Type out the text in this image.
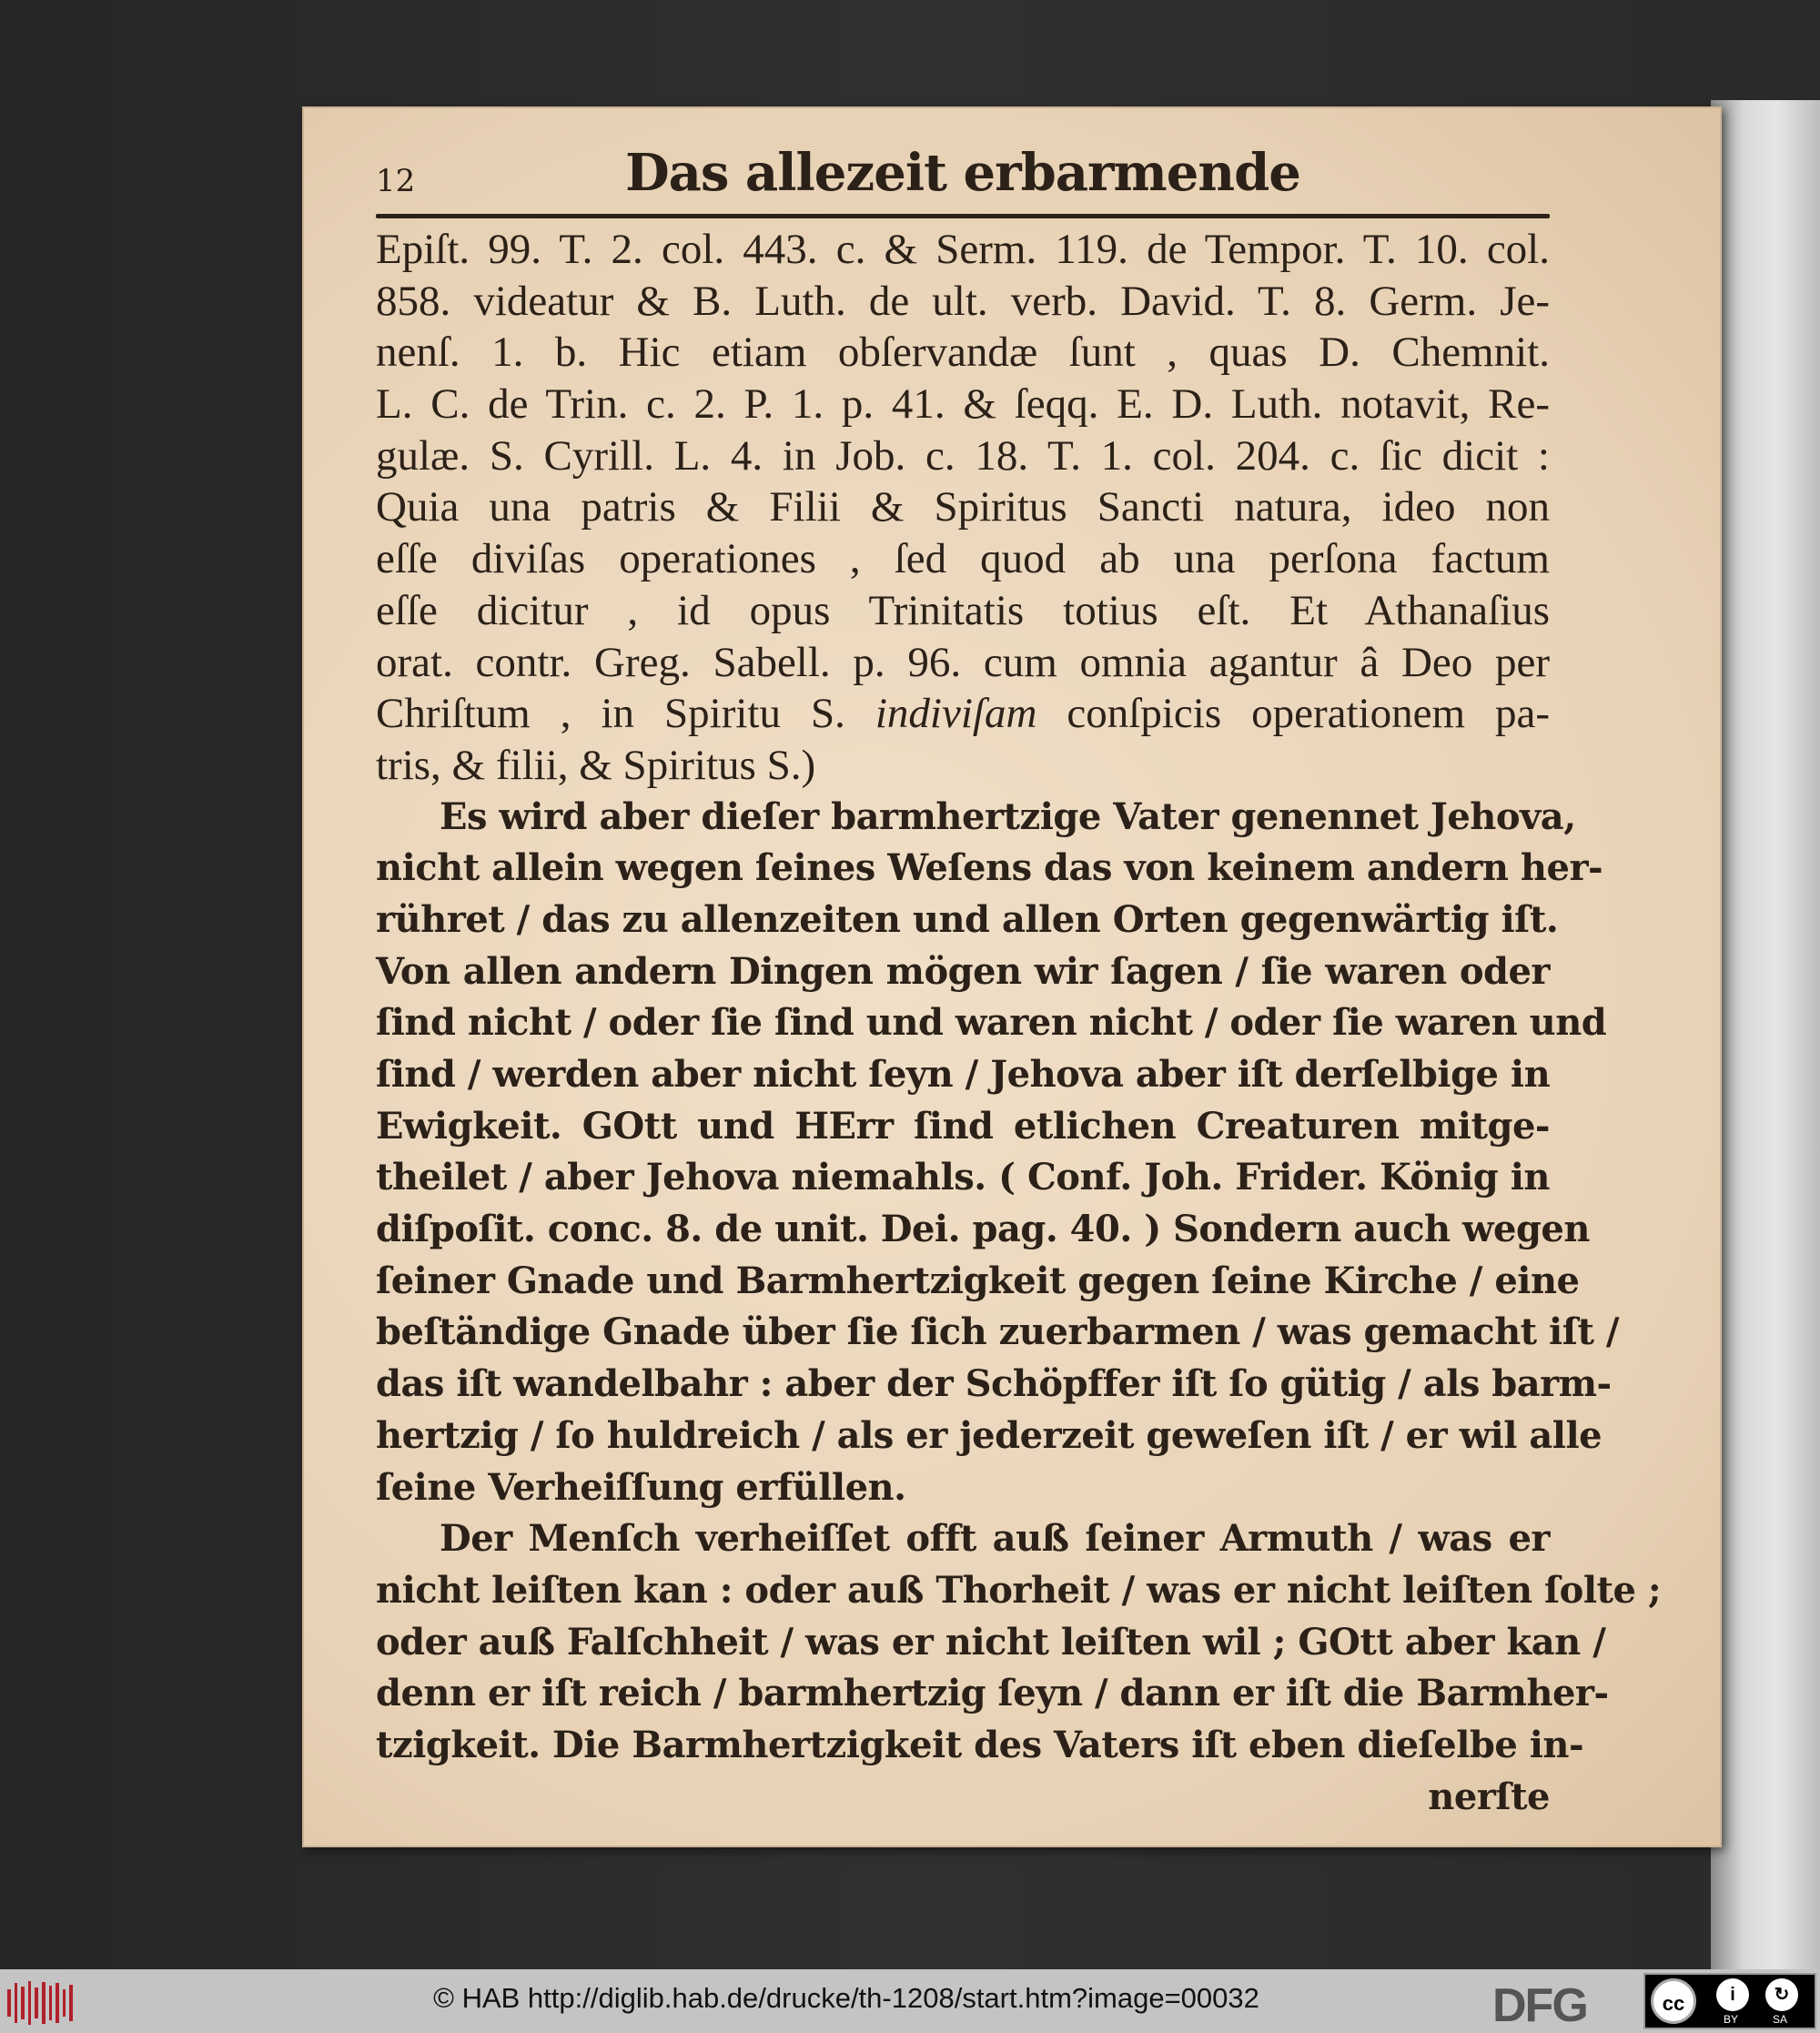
12	Das allezeit erbarmende
Epiſt. 99. T. 2. col. 443. c. & Serm. 119. de Tempor. T. 10. col.
858. videatur & B. Luth. de ult. verb. David. T. 8. Germ. Je-
nenſ. 1. b. Hic etiam obſervandæ ſunt , quas D. Chemnit.
L. C. de Trin. c. 2. P. 1. p. 41. & ſeqq. E. D. Luth. notavit, Re-
gulæ. S. Cyrill. L. 4. in Job. c. 18. T. 1. col. 204. c. ſic dicit :
Quia una patris & Filii & Spiritus Sancti natura, ideo non
eſſe diviſas operationes , ſed quod ab una perſona factum
eſſe dicitur , id opus Trinitatis totius eſt. Et Athanaſius
orat. contr. Greg. Sabell. p. 96. cum omnia agantur â Deo per
Chriſtum , in Spiritu S. indiviſam conſpicis operationem pa-
tris, & filii, & Spiritus S.)
Es wird aber dieſer barmhertzige Vater genennet Jehova,
nicht allein wegen ſeines Weſens das von keinem andern her-
rühret / das zu allenzeiten und allen Orten gegenwärtig iſt.
Von allen andern Dingen mögen wir ſagen / ſie waren oder
ſind nicht / oder ſie ſind und waren nicht / oder ſie waren und
ſind / werden aber nicht ſeyn / Jehova aber iſt derſelbige in
Ewigkeit. GOtt und HErr ſind etlichen Creaturen mitge-
theilet / aber Jehova niemahls. ( Conf. Joh. Frider. König in
diſpoſit. conc. 8. de unit. Dei. pag. 40. ) Sondern auch wegen
ſeiner Gnade und Barmhertzigkeit gegen ſeine Kirche / eine
beſtändige Gnade über ſie ſich zuerbarmen / was gemacht iſt /
das iſt wandelbahr : aber der Schöpffer iſt ſo gütig / als barm-
hertzig / ſo huldreich / als er jederzeit geweſen iſt / er wil alle
ſeine Verheiſſung erfüllen.
Der Menſch verheiſſet offt auß ſeiner Armuth / was er
nicht leiſten kan : oder auß Thorheit / was er nicht leiſten ſolte ;
oder auß Falſchheit / was er nicht leiſten wil ; GOtt aber kan /
denn er iſt reich / barmhertzig ſeyn / dann er iſt die Barmher-
tzigkeit. Die Barmhertzigkeit des Vaters iſt eben dieſelbe in-
nerſte
© HAB http://diglib.hab.de/drucke/th-1208/start.htm?image=00032	DFG	cc	i	↻
BY	SA
